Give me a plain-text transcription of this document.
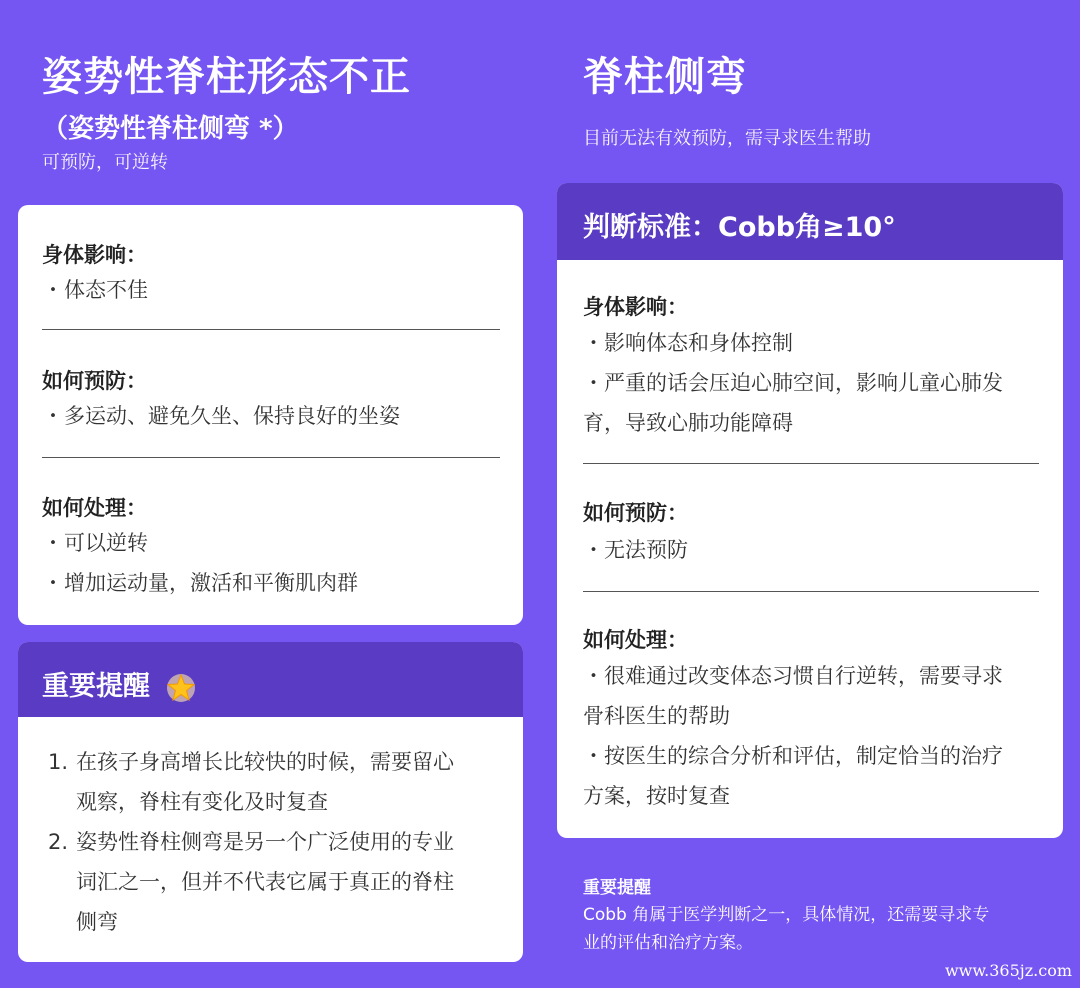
姿势性脊柱形态不正
（姿势性脊柱侧弯 *）
可预防，可逆转
身体影响：
・体态不佳
如何预防：
・多运动、避免久坐、保持良好的坐姿
如何处理：
・可以逆转
・增加运动量，激活和平衡肌肉群
重要提醒
1. 在孩子身高增长比较快的时候，需要留心
观察，脊柱有变化及时复查
2. 姿势性脊柱侧弯是另一个广泛使用的专业
词汇之一，但并不代表它属于真正的脊柱
侧弯
脊柱侧弯
目前无法有效预防，需寻求医生帮助
判断标准：Cobb角≥10°
身体影响：
・影响体态和身体控制
・严重的话会压迫心肺空间，影响儿童心肺发
育，导致心肺功能障碍
如何预防：
・无法预防
如何处理：
・很难通过改变体态习惯自行逆转，需要寻求
骨科医生的帮助
・按医生的综合分析和评估，制定恰当的治疗
方案，按时复查
重要提醒
Cobb 角属于医学判断之一，具体情况，还需要寻求专
业的评估和治疗方案。
www.365jz.com
